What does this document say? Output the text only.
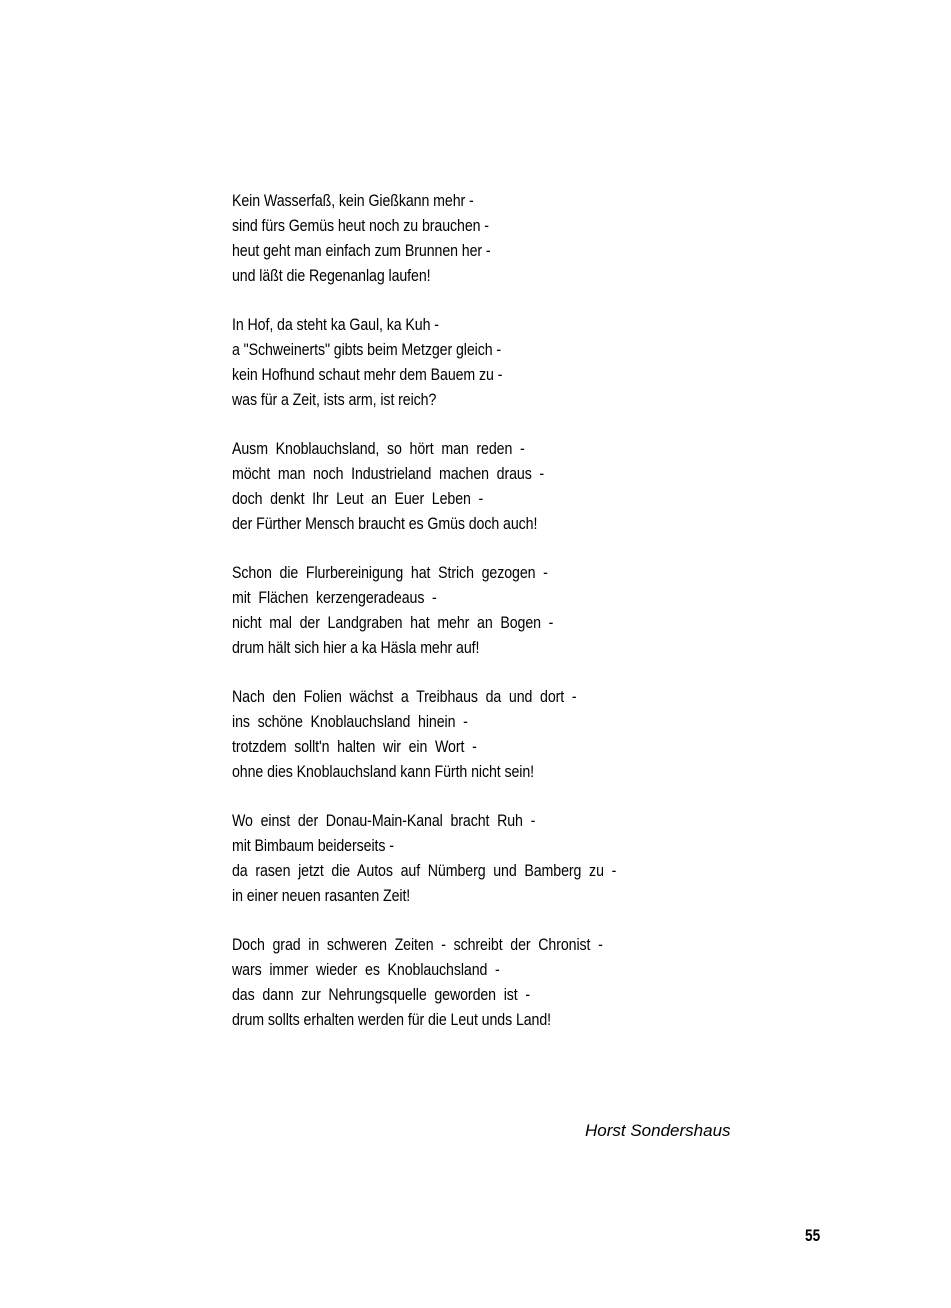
Kein Wasserfaß, kein Gießkann mehr -
sind fürs Gemüs heut noch zu brauchen -
heut geht man einfach zum Brunnen her -
und läßt die Regenanlag laufen!
In Hof, da steht ka Gaul, ka Kuh -
a "Schweinerts" gibts beim Metzger gleich -
kein Hofhund schaut mehr dem Bauem zu -
was für a Zeit, ists arm, ist reich?
Ausm  Knoblauchsland,  so  hört  man  reden  -
möcht  man  noch  Industrieland  machen  draus  -
doch  denkt  Ihr  Leut  an  Euer  Leben  -
der Fürther Mensch braucht es Gmüs doch auch!
Schon  die  Flurbereinigung  hat  Strich  gezogen  -
mit  Flächen  kerzengeradeaus  -
nicht  mal  der  Landgraben  hat  mehr  an  Bogen  -
drum hält sich hier a ka Häsla mehr auf!
Nach  den  Folien  wächst  a  Treibhaus  da  und  dort  -
ins  schöne  Knoblauchsland  hinein  -
trotzdem  sollt'n  halten  wir  ein  Wort  -
ohne dies Knoblauchsland kann Fürth nicht sein!
Wo  einst  der  Donau-Main-Kanal  bracht  Ruh  -
mit Bimbaum beiderseits -
da  rasen  jetzt  die  Autos  auf  Nümberg  und  Bamberg  zu  -
in einer neuen rasanten Zeit!
Doch  grad  in  schweren  Zeiten  -  schreibt  der  Chronist  -
wars  immer  wieder  es  Knoblauchsland  -
das  dann  zur  Nehrungsquelle  geworden  ist  -
drum sollts erhalten werden für die Leut unds Land!
Horst Sondershaus
55
